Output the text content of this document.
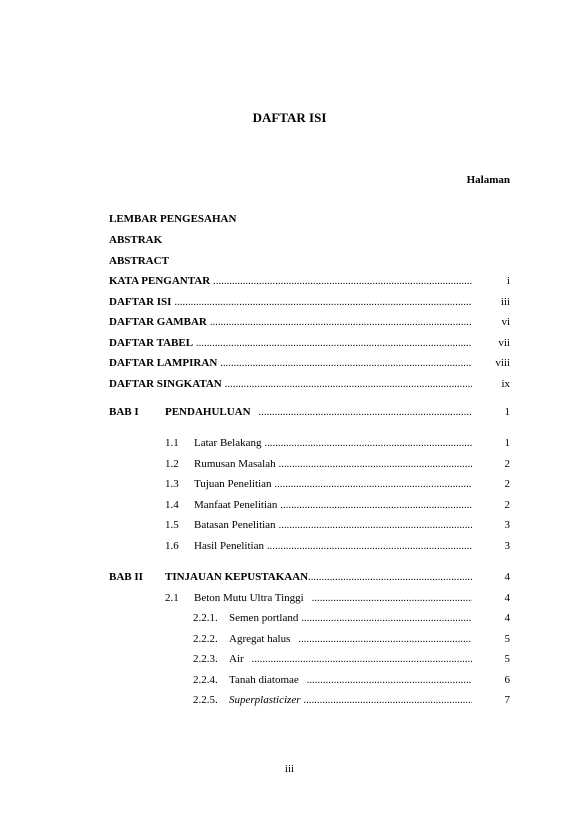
DAFTAR ISI
Halaman
LEMBAR PENGESAHAN
ABSTRAK
ABSTRACT
KATA PENGANTAR .....	i
DAFTAR ISI .....	iii
DAFTAR GAMBAR .....	vi
DAFTAR TABEL .....	vii
DAFTAR LAMPIRAN .....	viii
DAFTAR SINGKATAN .....	ix
BAB I	PENDAHULUAN .....	1
1.1	Latar Belakang .....	1
1.2	Rumusan Masalah .....	2
1.3	Tujuan Penelitian .....	2
1.4	Manfaat Penelitian .....	2
1.5	Batasan Penelitian .....	3
1.6	Hasil Penelitian .....	3
BAB II	TINJAUAN KEPUSTAKAAN .....	4
2.1	Beton Mutu Ultra Tinggi .....	4
2.2.1.	Semen portland .....	4
2.2.2.	Agregat halus .....	5
2.2.3.	Air .....	5
2.2.4.	Tanah diatomae .....	6
2.2.5.	Superplasticizer .....	7
iii
